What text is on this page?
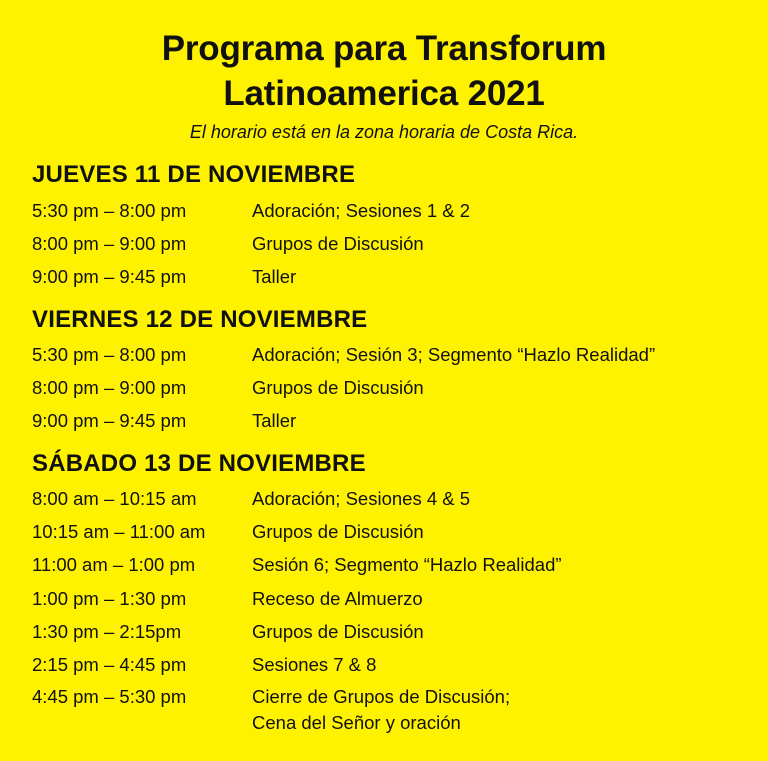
Programa para Transforum
Latinoamerica 2021
El horario está en la zona horaria de Costa Rica.
JUEVES 11 DE NOVIEMBRE
5:30 pm – 8:00 pm	Adoración; Sesiones 1 & 2
8:00 pm – 9:00 pm	Grupos de Discusión
9:00 pm – 9:45 pm	Taller
VIERNES 12 DE NOVIEMBRE
5:30 pm – 8:00 pm	Adoración; Sesión 3; Segmento “Hazlo Realidad”
8:00 pm – 9:00 pm	Grupos de Discusión
9:00 pm – 9:45 pm	Taller
SÁBADO 13 DE NOVIEMBRE
8:00 am – 10:15 am	Adoración; Sesiones 4 & 5
10:15 am – 11:00 am	Grupos de Discusión
11:00 am – 1:00 pm	Sesión 6; Segmento “Hazlo Realidad”
1:00 pm – 1:30 pm	Receso de Almuerzo
1:30 pm – 2:15pm	Grupos de Discusión
2:15 pm – 4:45 pm	Sesiones 7 & 8
4:45 pm – 5:30 pm	Cierre de Grupos de Discusión;
Cena del Señor y oración
